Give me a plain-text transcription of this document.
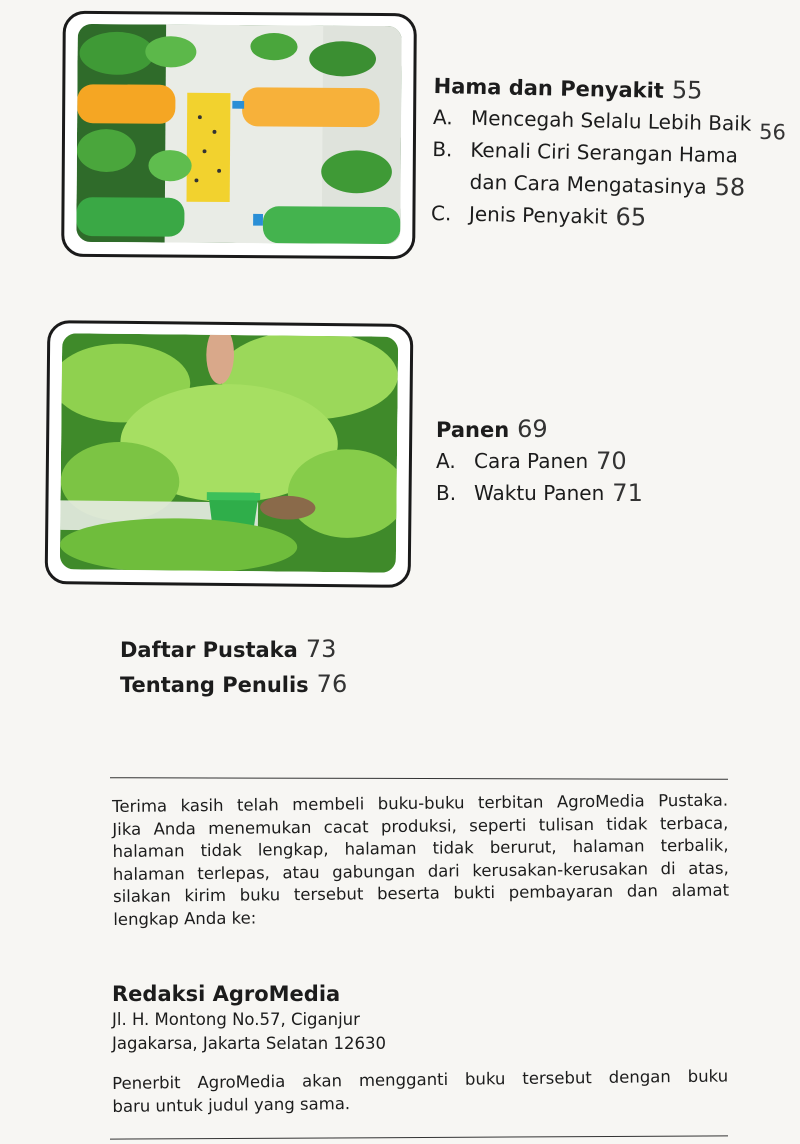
Hama dan Penyakit 55
A. Mencegah Selalu Lebih Baik 56
B. Kenali Ciri Serangan Hama
dan Cara Mengatasinya 58
C. Jenis Penyakit 65
Panen 69
A. Cara Panen 70
B. Waktu Panen 71
Daftar Pustaka 73
Tentang Penulis 76
Terima kasih telah membeli buku-buku terbitan AgroMedia Pustaka.
Jika Anda menemukan cacat produksi, seperti tulisan tidak terbaca,
halaman tidak lengkap, halaman tidak berurut, halaman terbalik,
halaman terlepas, atau gabungan dari kerusakan-kerusakan di atas,
silakan kirim buku tersebut beserta bukti pembayaran dan alamat
lengkap Anda ke:
Redaksi AgroMedia
Jl. H. Montong No.57, Ciganjur
Jagakarsa, Jakarta Selatan 12630
Penerbit AgroMedia akan mengganti buku tersebut dengan buku
baru untuk judul yang sama.
